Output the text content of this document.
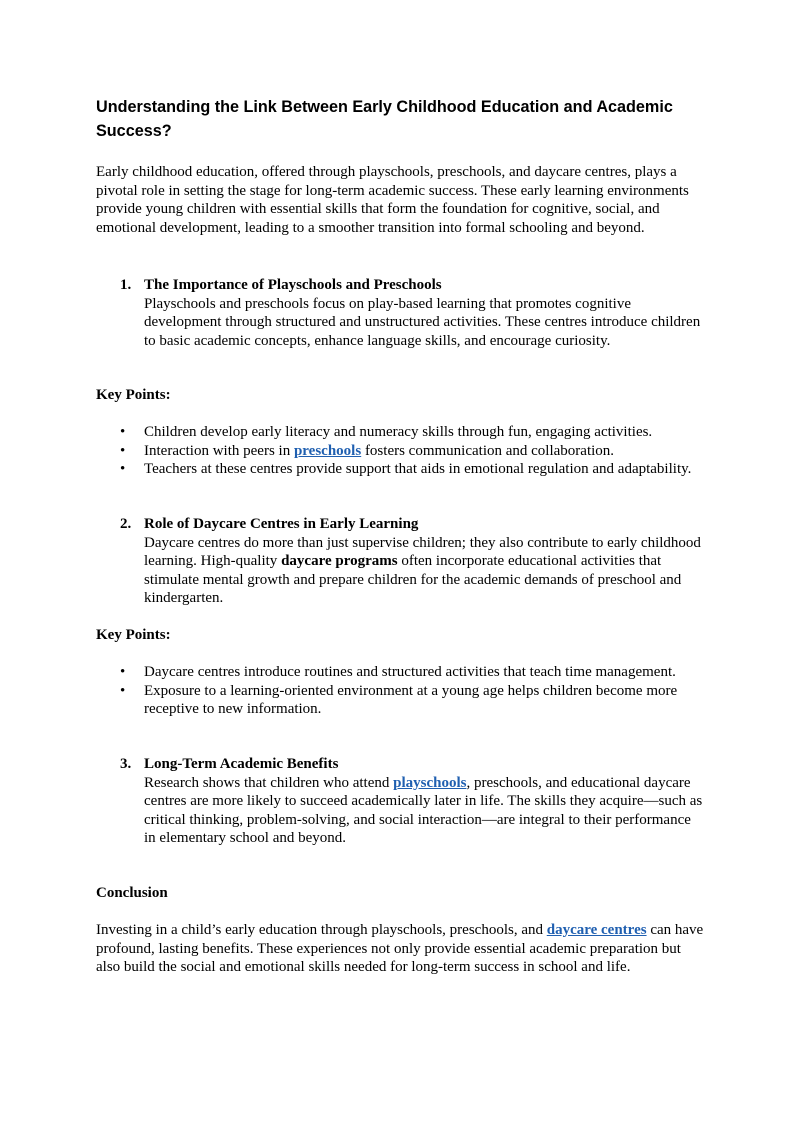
Understanding the Link Between Early Childhood Education and Academic Success?

Early childhood education, offered through playschools, preschools, and daycare centres, plays a pivotal role in setting the stage for long-term academic success. These early learning environments provide young children with essential skills that form the foundation for cognitive, social, and emotional development, leading to a smoother transition into formal schooling and beyond.

1. The Importance of Playschools and Preschools

Playschools and preschools focus on play-based learning that promotes cognitive development through structured and unstructured activities. These centres introduce children to basic academic concepts, enhance language skills, and encourage curiosity.

Key Points:
• Children develop early literacy and numeracy skills through fun, engaging activities.
• Interaction with peers in preschools fosters communication and collaboration.
• Teachers at these centres provide support that aids in emotional regulation and adaptability.
2. Role of Daycare Centres in Early Learning

Daycare centres do more than just supervise children; they also contribute to early childhood learning. High-quality daycare programs often incorporate educational activities that stimulate mental growth and prepare children for the academic demands of preschool and kindergarten.

Key Points:
• Daycare centres introduce routines and structured activities that teach time management.
• Exposure to a learning-oriented environment at a young age helps children become more receptive to new information.
3. Long-Term Academic Benefits

Research shows that children who attend playschools, preschools, and educational daycare centres are more likely to succeed academically later in life. The skills they acquire—such as critical thinking, problem-solving, and social interaction—are integral to their performance in elementary school and beyond.

Conclusion

Investing in a child’s early education through playschools, preschools, and daycare centres can have profound, lasting benefits. These experiences not only provide essential academic preparation but also build the social and emotional skills needed for long-term success in school and life.
